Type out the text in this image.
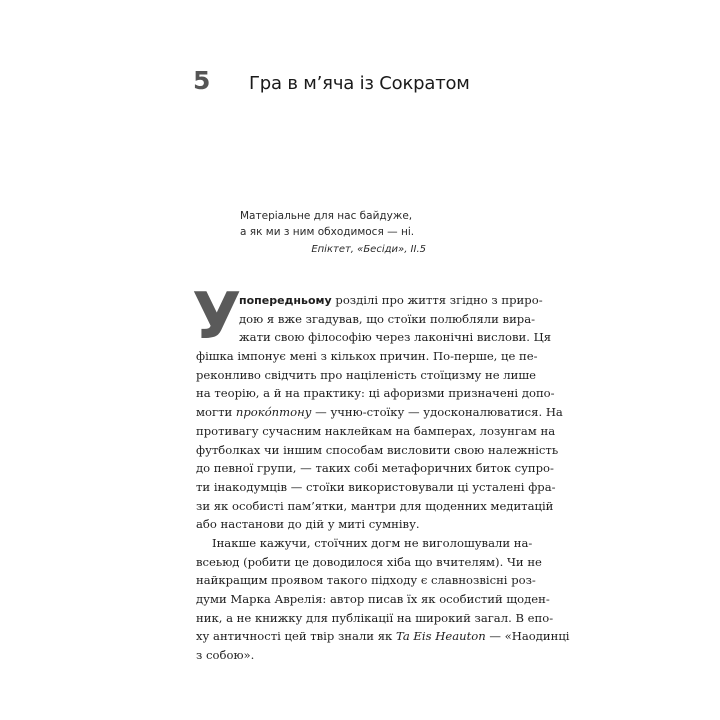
5	Гра в м’яча із Сократом
Матеріальне для нас байдуже,
а як ми з ним обходимося — ні.
Епіктет, «Бесіди», II.5
У
попередньому розділі про життя згідно з приро-
дою я вже згадував, що стоїки полюбляли вира-
жати свою філософію через лаконічні вислови. Ця
фішка імпонує мені з кількох причин. По-перше, це пе-
реконливо свідчить про націленість стоїцизму не лише
на теорію, а й на практику: ці афоризми призначені допо-
могти прокóптону — учню-стоїку — удосконалюватися. На
противагу сучасним наклейкам на бамперах, лозунгам на
футболках чи іншим способам висловити свою належність
до певної групи, — таких собі метафоричних биток супро-
ти інакодумців — стоїки використовували ці усталені фра-
зи як особисті пам’ятки, мантри для щоденних медитацій
або настанови до дій у миті сумніву.
Інакше кажучи, стоїчних догм не виголошували на-
всеьюд (робити це доводилося хіба що вчителям). Чи не
найкращим проявом такого підходу є славнозвісні роз-
думи Марка Аврелія: автор писав їх як особистий щоден-
ник, а не книжку для публікації на широкий загал. В епо-
ху античності цей твір знали як Ta Eis Heauton — «Наодинці
з собою».
